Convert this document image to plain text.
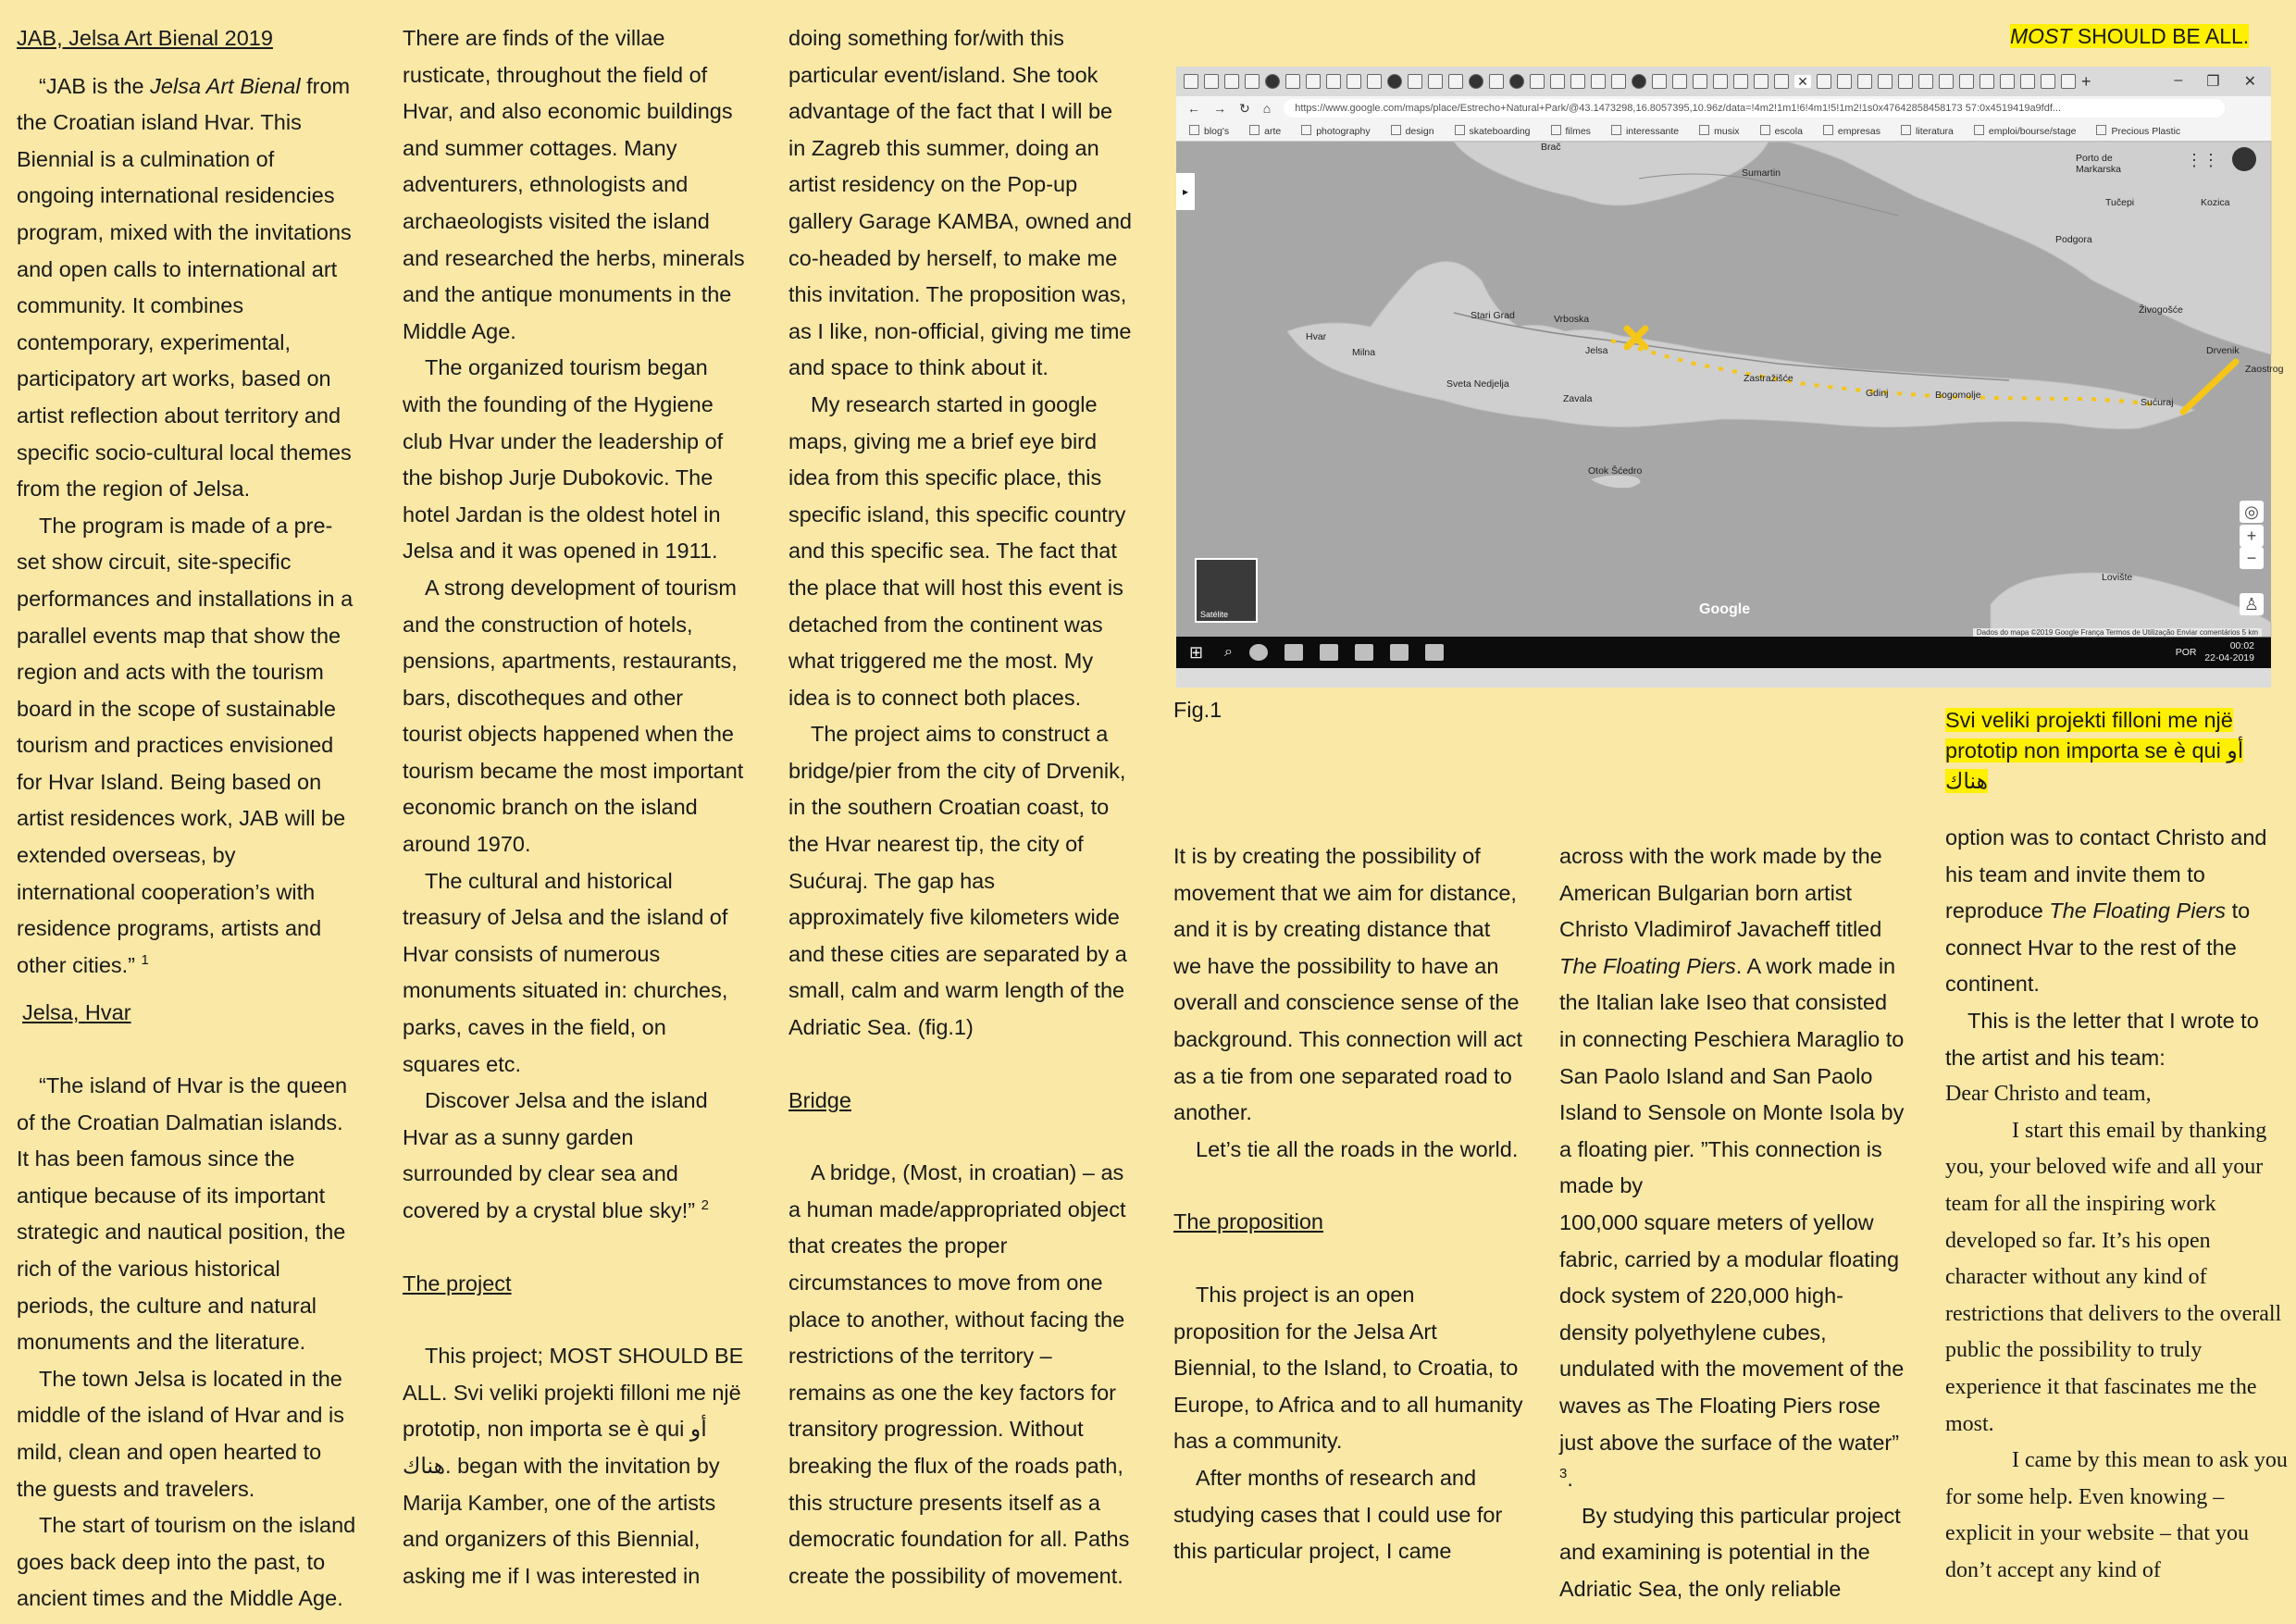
JAB, Jelsa Art Bienal 2019

“JAB is the Jelsa Art Bienal from the Croatian island Hvar. This Biennial is a culmination of ongoing international residencies program, mixed with the invitations and open calls to international art community. It combines contemporary, experimental, participatory art works, based on artist reflection about territory and specific socio-cultural local themes from the region of Jelsa.

The program is made of a pre-set show circuit, site-specific performances and installations in a parallel events map that show the region and acts with the tourism board in the scope of sustainable tourism and practices envisioned for Hvar Island. Being based on artist residences work, JAB will be extended overseas, by international cooperation’s with residence programs, artists and other cities.” $^1$

Jelsa, Hvar

“The island of Hvar is the queen of the Croatian Dalmatian islands. It has been famous since the antique because of its important strategic and nautical position, the rich of the various historical periods, the culture and natural monuments and the literature.

The town Jelsa is located in the middle of the island of Hvar and is mild, clean and open hearted to the guests and travelers.

The start of tourism on the island goes back deep into the past, to ancient times and the Middle Age.

There are finds of the villae rusticate, throughout the field of Hvar, and also economic buildings and summer cottages. Many adventurers, ethnologists and archaeologists visited the island and researched the herbs, minerals and the antique monuments in the Middle Age.

The organized tourism began with the founding of the Hygiene club Hvar under the leadership of the bishop Jurje Dubokovic. The hotel Jardan is the oldest hotel in Jelsa and it was opened in 1911.

A strong development of tourism and the construction of hotels, pensions, apartments, restaurants, bars, discotheques and other tourist objects happened when the tourism became the most important economic branch on the island around 1970.

The cultural and historical treasury of Jelsa and the island of Hvar consists of numerous monuments situated in: churches, parks, caves in the field, on squares etc.

Discover Jelsa and the island Hvar as a sunny garden surrounded by clear sea and covered by a crystal blue sky!” $^2$

The project

This project; MOST SHOULD BE ALL. Svi veliki projekti filloni me një prototip, non importa se è qui أو هناك. began with the invitation by Marija Kamber, one of the artists and organizers of this Biennial, asking me if I was interested in

doing something for/with this particular event/island. She took advantage of the fact that I will be in Zagreb this summer, doing an artist residency on the Pop-up gallery Garage KAMBA, owned and co-headed by herself, to make me this invitation. The proposition was, as I like, non-official, giving me time and space to think about it.

My research started in google maps, giving me a brief eye bird idea from this specific place, this specific island, this specific country and this specific sea. The fact that the place that will host this event is detached from the continent was what triggered me the most. My idea is to connect both places.

The project aims to construct a bridge/pier from the city of Drvenik, in the southern Croatian coast, to the Hvar nearest tip, the city of Sućuraj. The gap has approximately five kilometers wide and these cities are separated by a small, calm and warm length of the Adriatic Sea. (fig.1)

Bridge

A bridge, (Most, in croatian) – as a human made/appropriated object that creates the proper circumstances to move from one place to another, without facing the restrictions of the territory – remains as one the key factors for transitory progression. Without breaking the flux of the roads path, this structure presents itself as a democratic foundation for all. Paths create the possibility of movement.

MOST SHOULD BE ALL.
✕	+	– ❐ ✕
← → ↻ ⌂	https://www.google.com/maps/place/Estrecho+Natural+Park/@43.1473298,16.8057395,10.96z/data=!4m2!1m1!6!4m1!5!1m2!1s0x47642858458173 57:0x4519419a9fdf...
blog's	arte	photography	design	skateboarding	filmes	interessante	musix	escola	empresas	literatura	emploi/bourse/stage	Precious Plastic
Brač
Sumartin
Porto de Markarska
Tučepi	Kozica
Podgora
Živogošće
Hvar
Milna
Stari Grad	Vrboska
Jelsa
Zastražišće
Gdinj	Bogomolje
Sućuraj
Drvenik
Zaostrog
Sveta Nedjelja
Zavala
Otok Šćedro
Lovište
Satélite	Google
Dados do mapa ©2019 Google França Termos de Utilização Enviar comentários 5 km
⋮⋮
▸
◎
+
−
♙
⊞	⌕	POR
00:02
22-04-2019
Fig.1

It is by creating the possibility of movement that we aim for distance, and it is by creating distance that we have the possibility to have an overall and conscience sense of the background. This connection will act as a tie from one separated road to another.

Let’s tie all the roads in the world.

The proposition

This project is an open proposition for the Jelsa Art Biennial, to the Island, to Croatia, to Europe, to Africa and to all humanity has a community.

After months of research and studying cases that I could use for this particular project, I came

across with the work made by the American Bulgarian born artist Christo Vladimirof Javacheff titled The Floating Piers. A work made in the Italian lake Iseo that consisted in connecting Peschiera Maraglio to San Paolo Island and San Paolo Island to Sensole on Monte Isola by a floating pier. ”This connection is made by

100,000 square meters of yellow fabric, carried by a modular floating dock system of 220,000 high-density polyethylene cubes, undulated with the movement of the waves as The Floating Piers rose just above the surface of the water” $^3$.

By studying this particular project and examining is potential in the Adriatic Sea, the only reliable

Svi veliki projekti filloni me një prototip non importa se è qui أو هناك

option was to contact Christo and his team and invite them to reproduce The Floating Piers to connect Hvar to the rest of the continent.

This is the letter that I wrote to the artist and his team:

Dear Christo and team,

I start this email by thanking you, your beloved wife and all your team for all the inspiring work developed so far. It’s his open character without any kind of restrictions that delivers to the overall public the possibility to truly experience it that fascinates me the most.

I came by this mean to ask you for some help. Even knowing – explicit in your website – that you don’t accept any kind of
